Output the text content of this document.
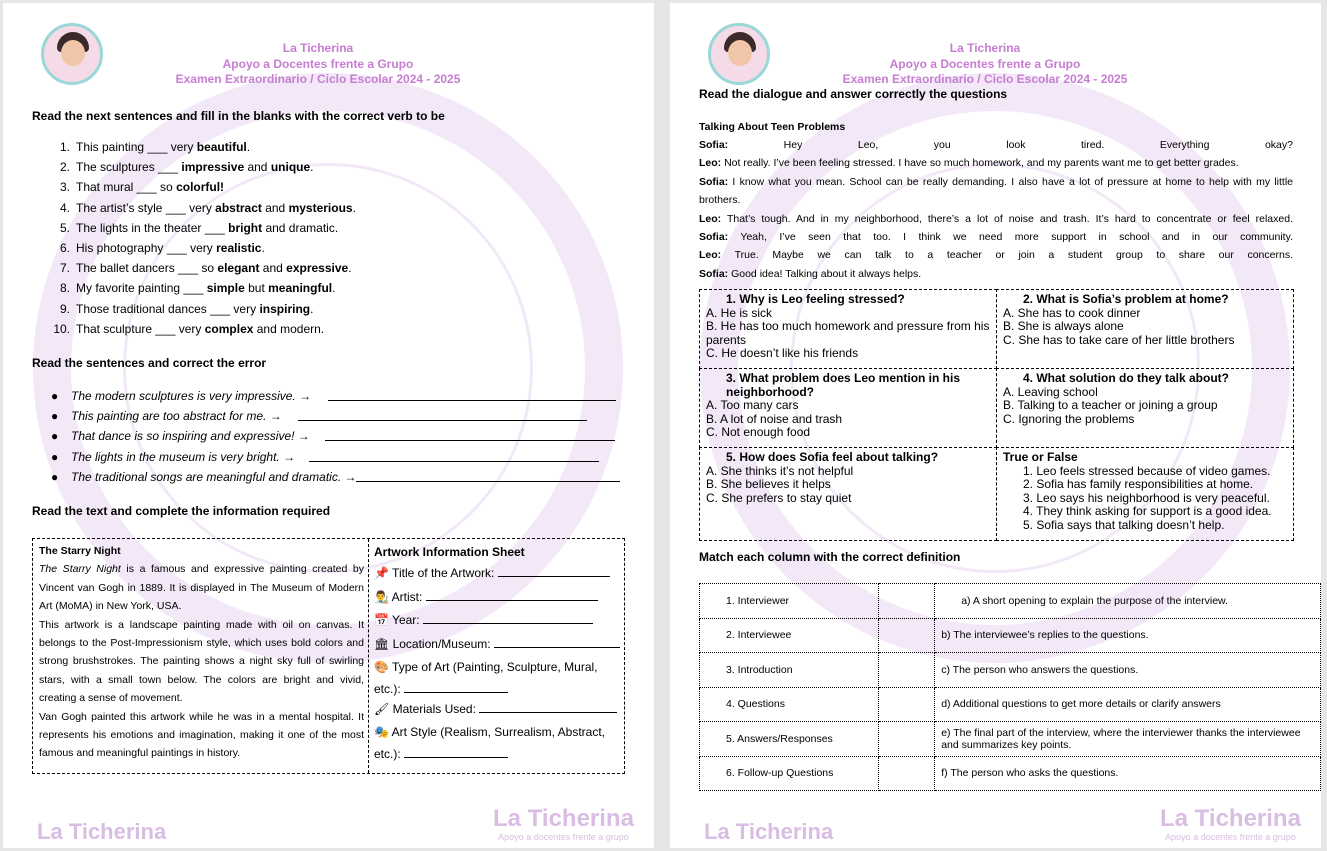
La Ticherina
Apoyo a Docentes frente a Grupo
Examen Extraordinario / Ciclo Escolar 2024 - 2025
Read the next sentences and fill in the blanks with the correct verb to be
1. This painting ___ very beautiful.
2. The sculptures ___ impressive and unique.
3. That mural ___ so colorful!
4. The artist’s style ___ very abstract and mysterious.
5. The lights in the theater ___ bright and dramatic.
6. His photography ___ very realistic.
7. The ballet dancers ___ so elegant and expressive.
8. My favorite painting ___ simple but meaningful.
9. Those traditional dances ___ very inspiring.
10. That sculpture ___ very complex and modern.
Read the sentences and correct the error
● The modern sculptures is very impressive. →
● This painting are too abstract for me. →
● That dance is so inspiring and expressive! →
● The lights in the museum is very bright. →
● The traditional songs are meaningful and dramatic. →
Read the text and complete the information required
The Starry Night
The Starry Night is a famous and expressive painting created by Vincent van Gogh in 1889. It is displayed in The Museum of Modern Art (MoMA) in New York, USA.
This artwork is a landscape painting made with oil on canvas. It belongs to the Post-Impressionism style, which uses bold colors and strong brushstrokes. The painting shows a night sky full of swirling stars, with a small town below. The colors are bright and vivid, creating a sense of movement.
Van Gogh painted this artwork while he was in a mental hospital. It represents his emotions and imagination, making it one of the most famous and meaningful paintings in history.
Artwork Information Sheet
📌 Title of the Artwork:
👨‍🎨 Artist:
📅 Year:
🏛 Location/Museum:
🎨 Type of Art (Painting, Sculpture, Mural,
etc.):
🖌 Materials Used:
🎭 Art Style (Realism, Surrealism, Abstract,
etc.):
La Ticherina	La Ticherina
Apoyo a docentes frente a grupo
La Ticherina
Apoyo a Docentes frente a Grupo
Examen Extraordinario / Ciclo Escolar 2024 - 2025
Read the dialogue and answer correctly the questions
Talking About Teen Problems
Sofia: Hey Leo, you look tired. Everything okay?
Leo: Not really. I’ve been feeling stressed. I have so much homework, and my parents want me to get better grades.
Sofia: I know what you mean. School can be really demanding. I also have a lot of pressure at home to help with my little
brothers.
Leo: That’s tough. And in my neighborhood, there’s a lot of noise and trash. It’s hard to concentrate or feel relaxed.
Sofia: Yeah, I’ve seen that too. I think we need more support in school and in our community.
Leo: True. Maybe we can talk to a teacher or join a student group to share our concerns.
Sofia: Good idea! Talking about it always helps.
1. Why is Leo feeling stressed?
A. He is sick
B. He has too much homework and pressure from his parents
C. He doesn’t like his friends
2. What is Sofia’s problem at home?
A. She has to cook dinner
B. She is always alone
C. She has to take care of her little brothers
3. What problem does Leo mention in his neighborhood?
A. Too many cars
B. A lot of noise and trash
C. Not enough food
4. What solution do they talk about?
A. Leaving school
B. Talking to a teacher or joining a group
C. Ignoring the problems
5. How does Sofia feel about talking?
A. She thinks it’s not helpful
B. She believes it helps
C. She prefers to stay quiet
True or False
1. Leo feels stressed because of video games.
2. Sofia has family responsibilities at home.
3. Leo says his neighborhood is very peaceful.
4. They think asking for support is a good idea.
5. Sofia says that talking doesn’t help.
Match each column with the correct definition
1. Interviewer		a) A short opening to explain the purpose of the interview.
2. Interviewee		b) The interviewee’s replies to the questions.
3. Introduction		c) The person who answers the questions.
4. Questions		d) Additional questions to get more details or clarify answers
5. Answers/Responses		e) The final part of the interview, where the interviewer thanks the interviewee and summarizes key points.
6. Follow-up Questions		f) The person who asks the questions.
La Ticherina	La Ticherina
Apoyo a docentes frente a grupo
